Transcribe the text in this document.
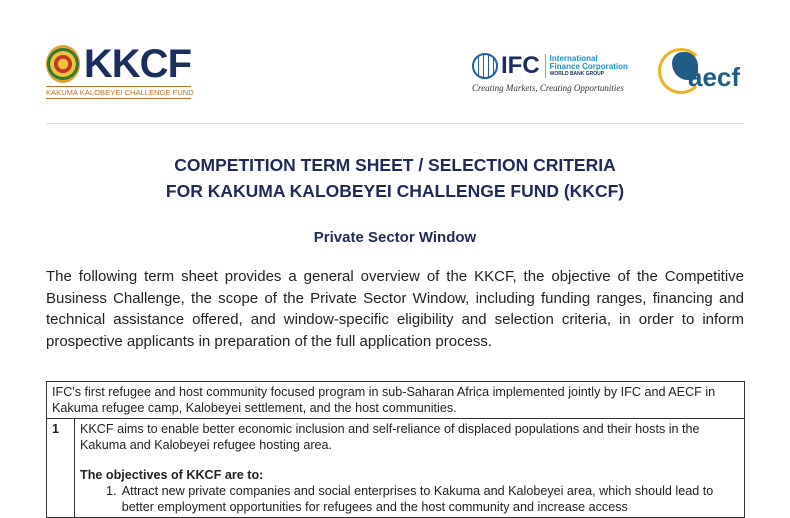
KKCF
KAKUMA KALOBEYEI CHALLENGE FUND
IFC International
Finance Corporation
WORLD BANK GROUP
Creating Markets, Creating Opportunities aecf
COMPETITION TERM SHEET / SELECTION CRITERIA
FOR KAKUMA KALOBEYEI CHALLENGE FUND (KKCF)
Private Sector Window

The following term sheet provides a general overview of the KKCF, the objective of the Competitive Business Challenge, the scope of the Private Sector Window, including funding ranges, financing and technical assistance offered, and window-specific eligibility and selection criteria, in order to inform prospective applicants in preparation of the full application process.

IFC's first refugee and host community focused program in sub-Saharan Africa implemented jointly by IFC and AECF in Kakuma refugee camp, Kalobeyei settlement, and the host communities.
1	KKCF aims to enable better economic inclusion and self-reliance of displaced populations and their hosts in the Kakuma and Kalobeyei refugee hosting area.
The objectives of KKCF are to:
1. Attract new private companies and social enterprises to Kakuma and Kalobeyei area, which should lead to better employment opportunities for refugees and the host community and increase access
